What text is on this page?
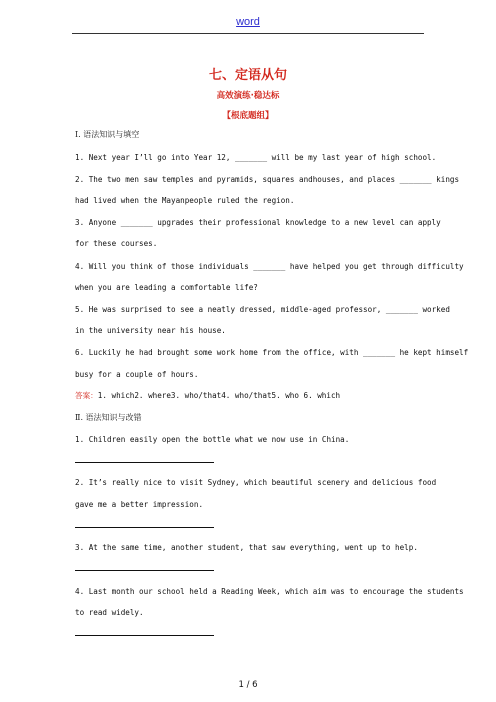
word
七、定语从句
高效演练·稳达标
【根底题组】
Ⅰ. 语法知识与填空
1. Next year I’ll go into Year 12, _______ will be my last year of high school.
2. The two men saw temples and pyramids, squares andhouses, and places _______ kings
had lived when the Mayanpeople ruled the region.
3. Anyone _______ upgrades their professional knowledge to a new level can apply
for these courses.
4. Will you think of those individuals _______ have helped you get through difficulty
when you are leading a comfortable life?
5. He was surprised to see a neatly dressed, middle-aged professor, _______ worked
in the university near his house.
6. Luckily he had brought some work home from the office, with _______ he kept himself
busy for a couple of hours.
答案：1. which2. where3. who/that4. who/that5. who 6. which
Ⅱ. 语法知识与改错
1. Children easily open the bottle what we now use in China.
2. It’s really nice to visit Sydney, which beautiful scenery and delicious food
gave me a better impression.
3. At the same time, another student, that saw everything, went up to help.
4. Last month our school held a Reading Week, which aim was to encourage the students
to read widely.
1 / 6
